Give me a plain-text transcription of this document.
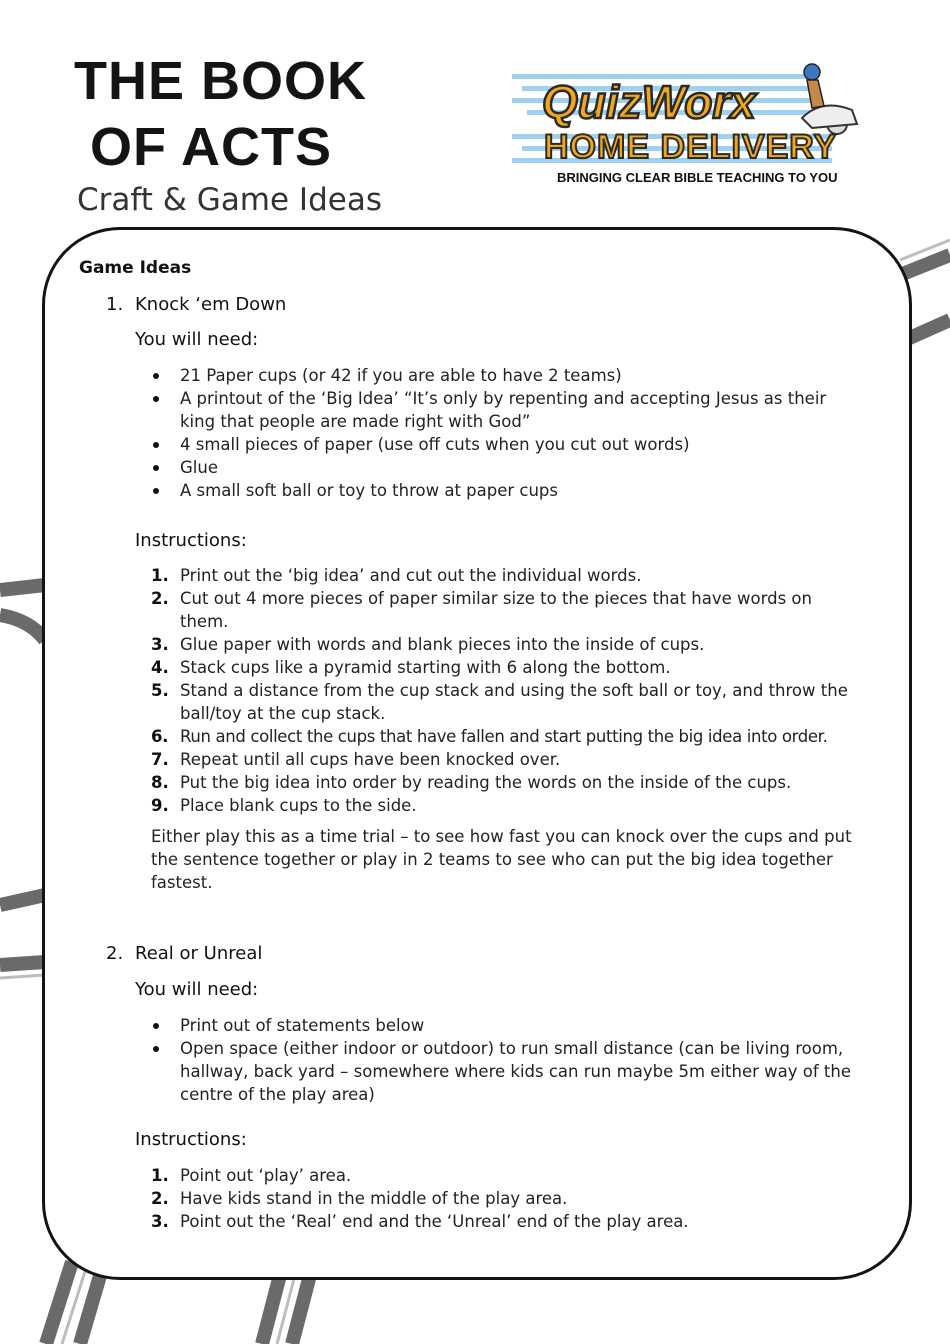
THE BOOK
OF ACTS
Craft & Game Ideas
QuizWorx
HOME DELIVERY
BRINGING CLEAR BIBLE TEACHING TO YOU
Game Ideas
1. Knock ‘em Down
You will need:
21 Paper cups (or 42 if you are able to have 2 teams)
A printout of the ‘Big Idea’ “It’s only by repenting and accepting Jesus as their king that people are made right with God”
4 small pieces of paper (use off cuts when you cut out words)
Glue
A small soft ball or toy to throw at paper cups
Instructions:
1. Print out the ‘big idea’ and cut out the individual words.
2. Cut out 4 more pieces of paper similar size to the pieces that have words on them.
3. Glue paper with words and blank pieces into the inside of cups.
4. Stack cups like a pyramid starting with 6 along the bottom.
5. Stand a distance from the cup stack and using the soft ball or toy, and throw the ball/toy at the cup stack.
6. Run and collect the cups that have fallen and start putting the big idea into order.
7. Repeat until all cups have been knocked over.
8. Put the big idea into order by reading the words on the inside of the cups.
9. Place blank cups to the side.

Either play this as a time trial – to see how fast you can knock over the cups and put the sentence together or play in 2 teams to see who can put the big idea together fastest.

2. Real or Unreal
You will need:
Print out of statements below
Open space (either indoor or outdoor) to run small distance (can be living room, hallway, back yard – somewhere where kids can run maybe 5m either way of the centre of the play area)
Instructions:
1. Point out ‘play’ area.
2. Have kids stand in the middle of the play area.
3. Point out the ‘Real’ end and the ‘Unreal’ end of the play area.
